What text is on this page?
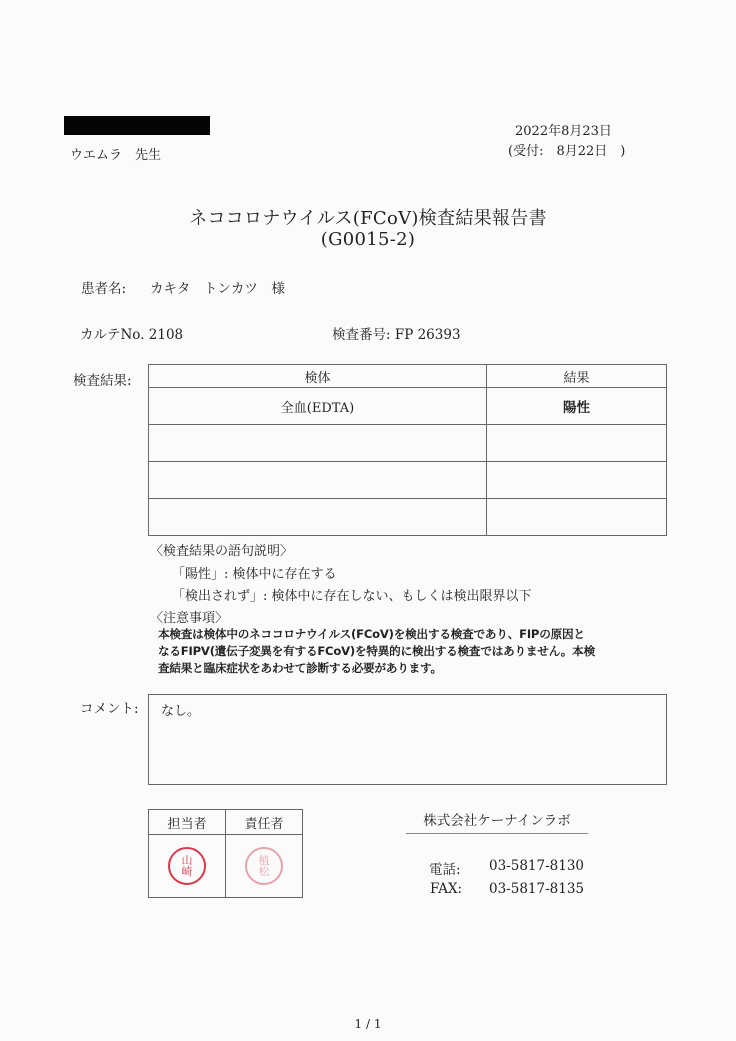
ウエムラ　先生
2022年8月23日
(受付:　8月22日　)
ネココロナウイルス(FCoV)検査結果報告書
(G0015-2)
患者名: カキタ　トンカツ　様
カルテNo. 2108	検査番号: FP 26393
検査結果:	検体	結果
全血(EDTA)	陽性

〈検査結果の語句説明〉
「陽性」: 検体中に存在する
「検出されず」: 検体中に存在しない、もしくは検出限界以下
〈注意事項〉
本検査は検体中のネココロナウイルス(FCoV)を検出する検査であり、FIPの原因と
なるFIPV(遺伝子変異を有するFCoV)を特異的に検出する検査ではありません。本検
査結果と臨床症状をあわせて診断する必要があります。
コメント:	なし。
担当者	責任者

山崎	植松
株式会社ケーナインラボ
電話: 03-5817-8130
FAX: 03-5817-8135
1 / 1
